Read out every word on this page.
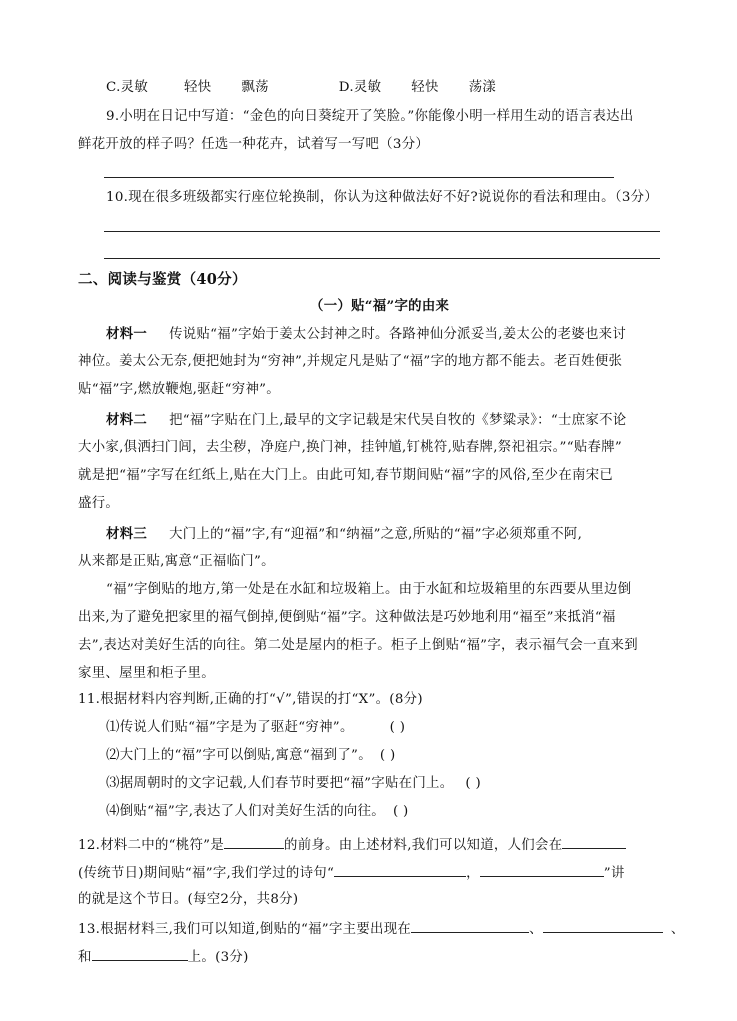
C.灵敏	轻快 飘荡	D.灵敏 轻快 荡漾
9.小明在日记中写道：“金色的向日葵绽开了笑脸。”你能像小明一样用生动的语言表达出
鲜花开放的样子吗？任选一种花卉，试着写一写吧（3分）
10.现在很多班级都实行座位轮换制，你认为这种做法好不好?说说你的看法和理由。（3分）
二、阅读与鉴赏（40分）
（一）贴“福”字的由来
材料一 传说贴“福”字始于姜太公封神之时。各路神仙分派妥当,姜太公的老婆也来讨
神位。姜太公无奈,便把她封为“穷神”,并规定凡是贴了“福”字的地方都不能去。老百姓便张
贴“福”字,燃放鞭炮,驱赶“穷神”。
材料二 把“福”字贴在门上,最早的文字记载是宋代吴自牧的《梦粱录》：“士庶家不论
大小家,俱洒扫门闾，去尘秽，净庭户,换门神，挂钟馗,钉桃符,贴春牌,祭祀祖宗。”“贴春牌”
就是把“福”字写在红纸上,贴在大门上。由此可知,春节期间贴“福”字的风俗,至少在南宋已
盛行。
材料三 大门上的“福”字,有“迎福”和“纳福”之意,所贴的“福”字必须郑重不阿,
从来都是正贴,寓意“正福临门”。
“福”字倒贴的地方,第一处是在水缸和垃圾箱上。由于水缸和垃圾箱里的东西要从里边倒
出来,为了避免把家里的福气倒掉,便倒贴“福”字。这种做法是巧妙地利用“福至”来抵消“福
去”,表达对美好生活的向往。第二处是屋内的柜子。柜子上倒贴“福”字，表示福气会一直来到
家里、屋里和柜子里。
11.根据材料内容判断,正确的打“√”,错误的打“X”。(8分)
⑴传说人们贴“福”字是为了驱赶“穷神”。	( )
⑵大门上的“福”字可以倒贴,寓意“福到了”。 ( )
⑶据周朝时的文字记载,人们春节时要把“福”字贴在门上。 ( )
⑷倒贴“福”字,表达了人们对美好生活的向往。 ( )
12.材料二中的“桃符”是	的前身。由上述材料,我们可以知道，人们会在
(传统节日)期间贴“福”字,我们学过的诗句“	，	”讲
的就是这个节日。(每空2分，共8分)
13.根据材料三,我们可以知道,倒贴的“福”字主要出现在	、	、
和	上。(3分)
